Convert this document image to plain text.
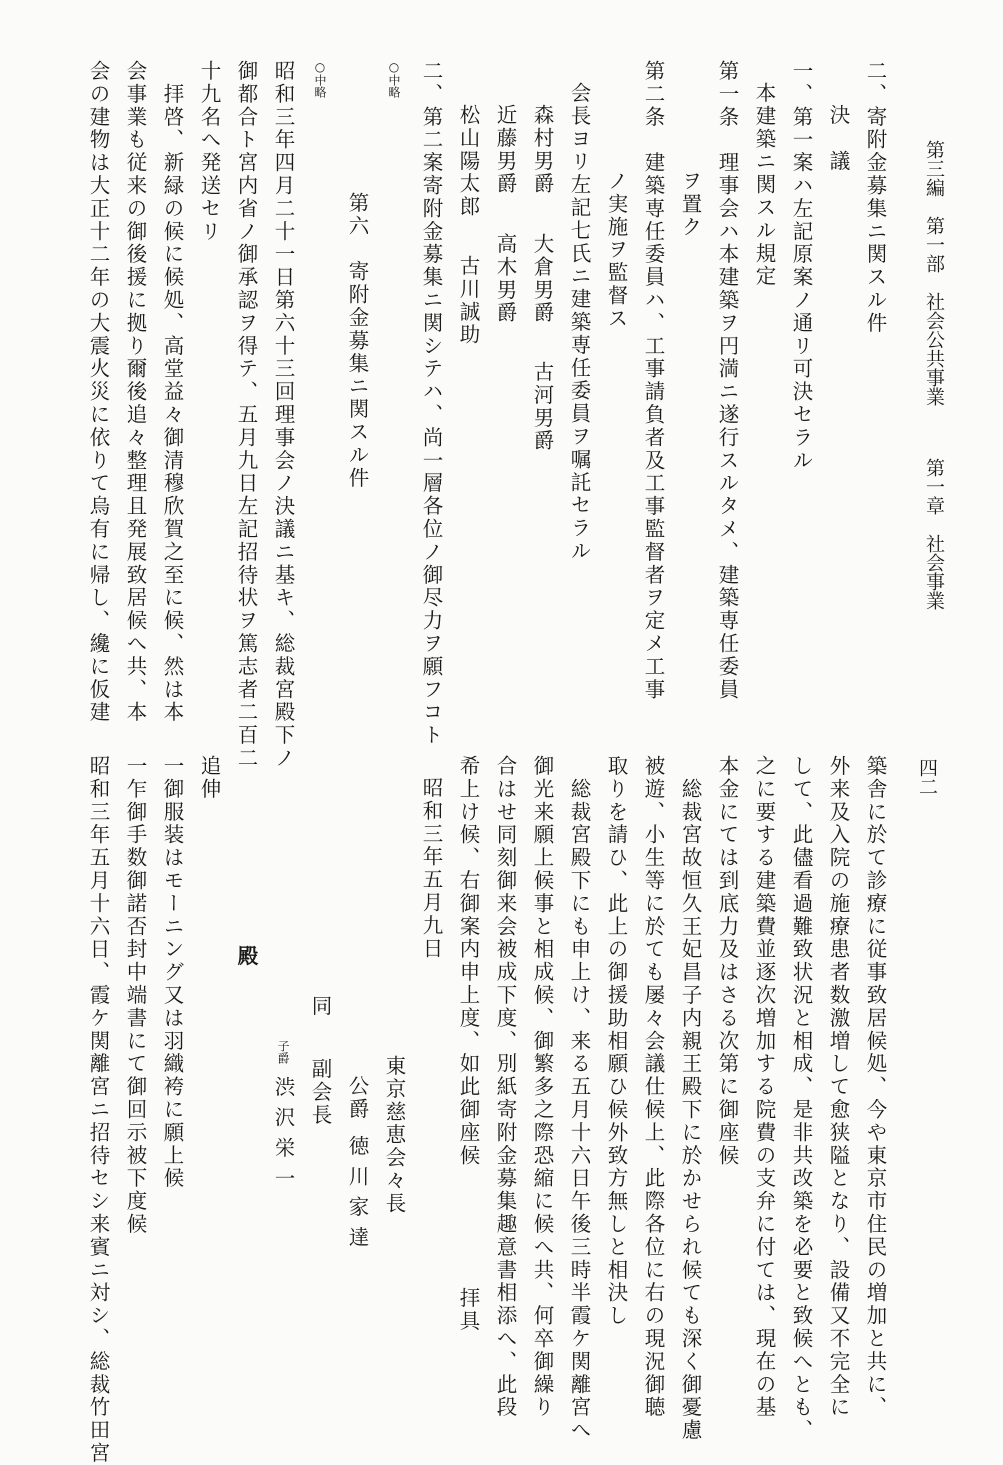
第三編　第一部　社会公共事業
第一章　社会事業
四二
二、寄附金募集ニ関スル件
決　議
一、第一案ハ左記原案ノ通リ可決セラル
本建築ニ関スル規定
第一条　理事会ハ本建築ヲ円満ニ遂行スルタメ、建築専任委員
ヲ置ク
第二条　建築専任委員ハ、工事請負者及工事監督者ヲ定メ工事
ノ実施ヲ監督ス
会長ヨリ左記七氏ニ建築専任委員ヲ嘱託セラル
森村男爵 大倉男爵 古河男爵
近藤男爵 高木男爵
松山陽太郎 古川誠助
二、第二案寄附金募集ニ関シテハ、尚一層各位ノ御尽力ヲ願フコト
○中略
第六　寄附金募集ニ関スル件
○中略
昭和三年四月二十一日第六十三回理事会ノ決議ニ基キ、総裁宮殿下ノ
御都合ト宮内省ノ御承認ヲ得テ、五月九日左記招待状ヲ篤志者二百二
十九名へ発送セリ
　拝啓、新緑の候に候処、高堂益々御清穆欣賀之至に候、然は本
会事業も従来の御後援に拠り爾後追々整理且発展致居候へ共、本
会の建物は大正十二年の大震火災に依りて烏有に帰し、纔に仮建
築舎に於て診療に従事致居候処、今や東京市住民の増加と共に、
外来及入院の施療患者数激増して愈狭隘となり、設備又不完全に
して、此儘看過難致状況と相成、是非共改築を必要と致候へとも、
之に要する建築費並逐次増加する院費の支弁に付ては、現在の基
本金にては到底力及はさる次第に御座候
　総裁宮故恒久王妃昌子内親王殿下に於かせられ候ても深く御憂慮
被遊、小生等に於ても屡々会議仕候上、此際各位に右の現況御聴
取りを請ひ、此上の御援助相願ひ候外致方無しと相決し
　総裁宮殿下にも申上け、来る五月十六日午後三時半霞ケ関離宮へ
御光来願上候事と相成候、御繁多之際恐縮に候へ共、何卒御繰り
合はせ同刻御来会被成下度、別紙寄附金募集趣意書相添へ、此段
希上け候、右御案内申上度、如此御座候拝具
昭和三年五月九日
東京慈恵会々長
公爵徳川家達
同副会長
子爵渋沢栄一
殿
追伸
一御服装はモーニング又は羽織袴に願上候
一乍御手数御諾否封中端書にて御回示被下度候
昭和三年五月十六日、霞ケ関離宮ニ招待セシ来賓ニ対シ、総裁竹田宮
